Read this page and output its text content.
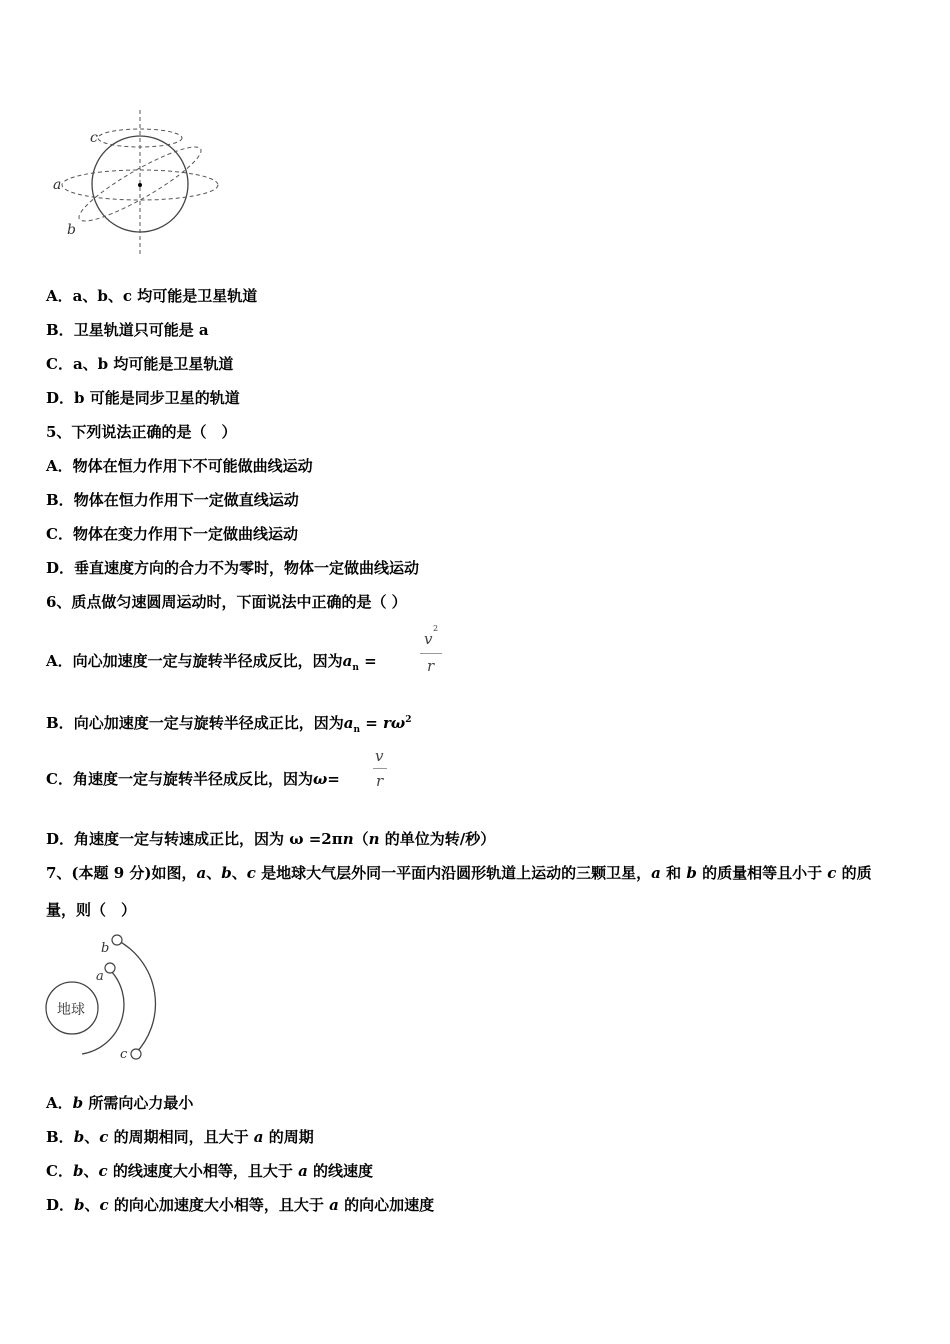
c
a
b
A．a、b、c 均可能是卫星轨道
B．卫星轨道只可能是 a
C．a、b 均可能是卫星轨道
D．b 可能是同步卫星的轨道
5、下列说法正确的是（　）
A．物体在恒力作用下不可能做曲线运动
B．物体在恒力作用下一定做直线运动
C．物体在变力作用下一定做曲线运动
D．垂直速度方向的合力不为零时，物体一定做曲线运动
6、质点做匀速圆周运动时，下面说法中正确的是（ ）
A．向心加速度一定与旋转半径成反比，因为$a_n$ =
v
2
r
B．向心加速度一定与旋转半径成正比，因为$a_n = r\omega^2$
C．角速度一定与旋转半径成反比，因为ω=
v
r
D．角速度一定与转速成正比，因为 ω =2πn（n 的单位为转/秒）
7、(本题 9 分)如图，a、b、c 是地球大气层外同一平面内沿圆形轨道上运动的三颗卫星，a 和 b 的质量相等且小于 c 的质
量，则（　）
地球
b
a
c
A．b 所需向心力最小
B．b、c 的周期相同，且大于 a 的周期
C．b、c 的线速度大小相等，且大于 a 的线速度
D．b、c 的向心加速度大小相等，且大于 a 的向心加速度
